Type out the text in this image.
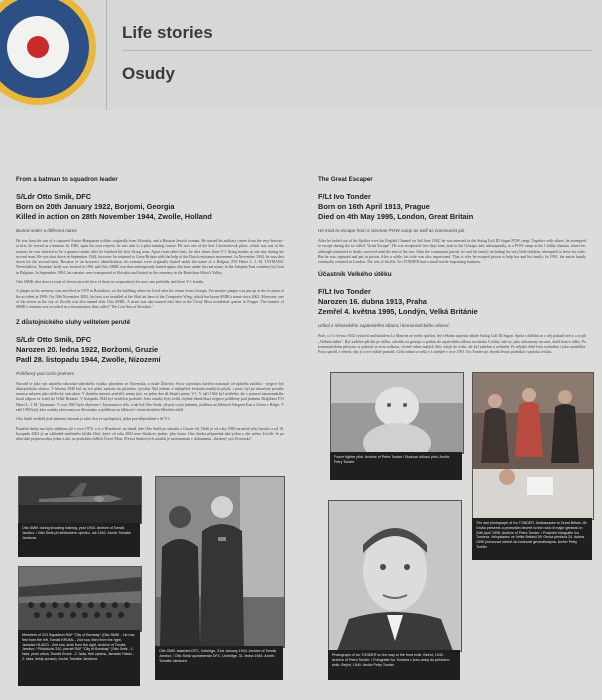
Life stories
Osudy
From a batman to squadron leader
S/Ldr Otto Smik, DFC
Born on 20th January 1922, Borjomi, Georgia
Killed in action on 28th November 1944, Zwolle, Holland
Buried under a different name

He was born the son of a captured Austro-Hungarian soldier, originally from Slovakia, and a Russian Jewish woman. He started his military career from the very bottom - at first, he served as a batman. In 1940, upon his own request, he was sent to a pilot training course. He was one of the best Czechoslovak pilots, which was one of the reasons he was selected to be a gunner trainer after he finished his first flying term. Apart from other feats, he shot down three V-1 flying bombs in one day during his second term. He was shot down in September 1944, however, he returned to Great Britain with the help of the Dutch resistance movement. In November 1944, he was shot down for the second time. Because of an incorrect identification, his remains were originally buried under the name of a Belgian, F/O Henri L. J. M. TAYMANS. Nevertheless, Taymans' body was located in 1961 and Otto SMIK was thus subsequently buried again, this time under his real name, in the Adegem East cemetery by Gent in Belgium. In September 1994, his remains were transported to Slovakia and buried in the cemetery in the Bratislava Slávičí Valley.

Otto SMIK shot down a total of eleven aircraft (two of them in cooperation) for sure, one probably and three V-1 bombs.

A plaque in his memory was unveiled in 1970 in Bratislava, on the building where he lived after his return from Georgia. Yet another plaque was put up at the location of his accident in 1990. On 18th November 2002, his bust was installed at the Sliač air base of the Composite Wing, which has borne SMIK's name since 2002. Moreover, one of the streets in the city of Zwolle was also named after Otto SMIK. A street was also named after him in the Černý Most residential quarter in Prague. The transfer of SMIK's remains was recorded in a documentary film called "The Lost Son of Slovakia."

Z důstojnického sluhy velitelem perutě
S/Ldr Otto Smik, DFC
Narozen 20. ledna 1922, Boržomi, Gruzie
Padl 28. listopadu 1944, Zwolle, Nizozemí
Pohřbený pod cizím jménem

Narodil se jako syn zajatého rakousko-uherského vojáka, původem ze Slovenska, a ruské Židovky. Svou vojenskou kariéru nastoupil od úplného začátku - nejprve byl důstojnickým sluhou. V březnu 1940 byl na své přání zařazen do pilotního výcviku. Byl jedním z nejlepších československých pilotů, i proto byl po ukončení prvního turnusu zařazen jako střelecký instruktor. V druhém turnusu sestřelil, mimo jiné, za jeden den tři létající pumy V-1. V září 1944 byl sestřelen, ale s pomocí nizozemského hnutí odporu se vrátil do Velké Británie. V listopadu 1944 byl sestřelen podruhé. Jeho ostatky byly kvůli chybné identifikaci nejprve pohřbeny pod jménem Belgičana F/O Henri L. J. M. Taymanse. V roce 1961 bylo objeveno i Taymansovo tělo, a tak byl Otto Smik, již pod svým jménem, pohřben na hřbitově Adegem East u Gentu v Belgii. V září 1994 byly jeho ostatky převezeny na Slovensko a pohřbeny na hřbitově v bratislavském Slávičím údolí.

Otto Smik sestřelil jistě jedenáct letounů (z toho dva ve spolupráci), jeden pravděpodobně a tři V-1.

Pamětní deska mu byla odhalena již v roce 1970, a to v Bratislavě, na domě, kde Otto Smik po návratu z Gruzie žil. Další je od roku 1990 na místě jeho havárie a od 18. listopadu 2002 je na základně smíšeného křídla Sliač, které od roku 2002 nese Smikovo jméno, jeho busta. Otto Smika připomíná také jedna z ulic města Zwolle. Je po něm také pojmenována jedna z ulic na pražském sídlišti Černý Most. Převoz Smikových ostatků je zaznamenán v dokumentu „Stratený syn Slovenska".

Otto SMIK during shooting training, year 1943. Archive of Tomáš Jambor. / Otto Smik při střeleckém výcviku, rok 1943. Archiv Tomáše Jambora.
Otto SMIK awarded DFC, Uxbridge, 31st January 1944. Archive of Tomáš Jambor. / Otto Smik vyznamenán DFC, Uxbridge, 31. ledna 1944. Archiv Tomáše Jambora.
Members of 310 Squadron RAF "City of Bombay" (Otto SMIK - 1st row, first from the left, Tomáš KRUML - 2nd row, third from the right, Jaroslav HLADO - 2nd row, sixth from the right. Archive of Tomáš Jambor. / Příslušníci 310. perutě RAF "City of Bombay" (Otto Smik - 1. řada, první zleva, Tomáš Kruml - 2. řada, třetí zprava, Jaroslav Hlado - 2. řada, šestý zprava). Archiv Tomáše Jambora.
The Great Escaper
F/Lt Ivo Tonder
Born on 16th April 1913, Prague
Died on 4th May 1995, London, Great Britain
He tried to escape from a German POW camp as well as communist jail.

After he bailed out of his Spitfire over the English Channel on 3rd June 1942, he was interned in the Stalag Luft III Sagan POW camp. Together with others, he attempted to escape during the so-called "Great Escape". He was recaptured five days later, sent to the Gestapo and, subsequently, to a POW camp at the Colditz chateau, where he, although sentenced to death, survived until the end of the war. After the communist putsch, he and his family, including his very little children, attempted to leave for exile. But he was captured and put in prison. After a while, his wife was also imprisoned. That is why he escaped prison to help her and his family. In 1991, the entire family eventually reunited in London. The rest of his life, Ivo TONDER had a small textile imprinting business.

Účastník Velkého útěku
F/Lt Ivo Tonder
Narozen 16. dubna 1913, Praha
Zemřel 4. května 1995, Londýn, Velká Británie
Utíkal z německého zajateckého tábora i komunistického vězení.

Poté, co 3. června 1942 vyskočil nad kanálem La Manche ze svého spitfiru, byl věkním zajatým táboře Stalag Luft III Sagan. Spolu s dalšími se o něj pokusil utéct, a to při „Velkém útěku". Byl zadržen pět dní po útěku, odvelán na gestapo a poslán do zajateckého tábora na zámku Colditz, kde se, jako odsouzený na smrt, dožil konce války. Po komunistickém převratu se pokusil se svou rodinou, včetně velmi malých dětí, odejít do exilu, ale byl zadržen a uvězněn. Po nějaké době byla uvězněna i jeho manželka. Proto uprchl z vězení, aby jí a své rodině pomohl. Celá rodina se sešla v Londýně v roce 1991. Ivo Tonder po zbytek života podnikal v potisku textilu.

Future fighter pilot. Archive of Petra Tonder / Budoucí stíhací pilot. Archiv Petry Tonder
The last photograph of Ivo TONDER. Ambassador to Great Britain Jiří Gruša presents a promotion decree to the rank of major general on 24th April 1995. Archive of Petra Tonder. / Poslední fotografie Ivo Tondera. Velvyslanec ve Velké Británii Jiří Gruša předává 24. dubna 1995 jmenovací dekret do hodnosti generálmajora. Archiv Petry Tonder
Photograph of Ivo TONDER on the way to the front exile. Beirut, 1940. Archive of Petra Tonder. / Fotografie Ivo Tondera z jeho cesty do předního exilu. Bejrút, 1940. Archiv Petry Tonder.
